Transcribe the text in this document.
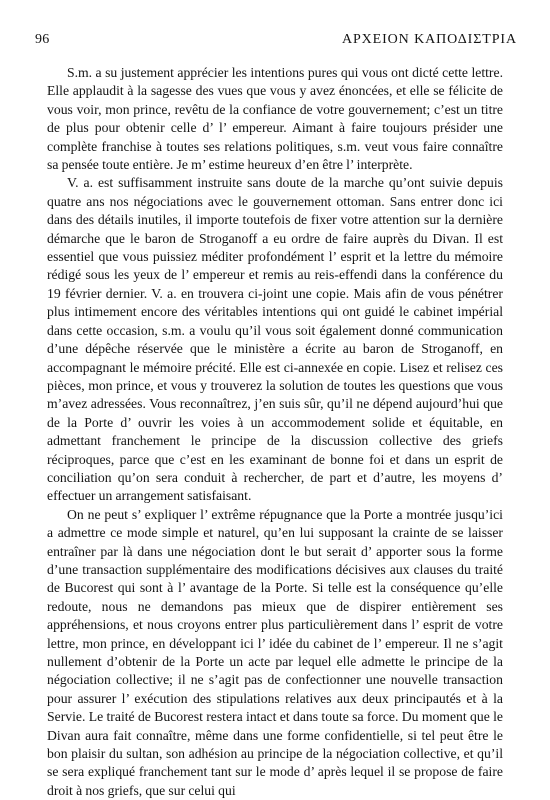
96	ΑΡΧΕΙΟΝ ΚΑΠΟΔΙΣΤΡΙΑ

S.m. a su justement apprécier les intentions pures qui vous ont dicté cette lettre. Elle applaudit à la sagesse des vues que vous y avez énoncées, et elle se félicite de vous voir, mon prince, revêtu de la confiance de votre gouvernement; c’est un titre de plus pour obtenir celle d’ l’ empereur. Aimant à faire toujours présider une complète franchise à toutes ses relations politiques, s.m. veut vous faire connaître sa pensée toute entière. Je m’ estime heureux d’en être l’ interprète.

V. a. est suffisamment instruite sans doute de la marche qu’ont suivie depuis quatre ans nos négociations avec le gouvernement ottoman. Sans entrer donc ici dans des détails inutiles, il importe toutefois de fixer votre attention sur la dernière démarche que le baron de Stroganoff a eu ordre de faire auprès du Divan. Il est essentiel que vous puissiez méditer profondément l’ esprit et la lettre du mémoire rédigé sous les yeux de l’ empereur et remis au reis-effendi dans la conférence du 19 février dernier. V. a. en trouvera ci-joint une copie. Mais afin de vous pénétrer plus intimement encore des véritables intentions qui ont guidé le cabinet impérial dans cette occasion, s.m. a voulu qu’il vous soit également donné communication d’une dépêche réservée que le ministère a écrite au baron de Stroganoff, en accompagnant le mémoire précité. Elle est ci-annexée en copie. Lisez et relisez ces pièces, mon prince, et vous y trouverez la solution de toutes les questions que vous m’avez adressées. Vous reconnaîtrez, j’en suis sûr, qu’il ne dépend aujourd’hui que de la Porte d’ ouvrir les voies à un accommodement solide et équitable, en admettant franchement le principe de la discussion collective des griefs réciproques, parce que c’est en les examinant de bonne foi et dans un esprit de conciliation qu’on sera conduit à rechercher, de part et d’autre, les moyens d’ effectuer un arrangement satisfaisant.

On ne peut s’ expliquer l’ extrême répugnance que la Porte a montrée jusqu’ici a admettre ce mode simple et naturel, qu’en lui supposant la crainte de se laisser entraîner par là dans une négociation dont le but serait d’ apporter sous la forme d’une transaction supplémentaire des modifications décisives aux clauses du traité de Bucorest qui sont à l’ avantage de la Porte. Si telle est la conséquence qu’elle redoute, nous ne demandons pas mieux que de dispirer entièrement ses appréhensions, et nous croyons entrer plus particulièrement dans l’ esprit de votre lettre, mon prince, en développant ici l’ idée du cabinet de l’ empereur. Il ne s’agit nullement d’obtenir de la Porte un acte par lequel elle admette le principe de la négociation collective; il ne s’agit pas de confectionner une nouvelle transaction pour assurer l’ exécution des stipulations relatives aux deux principautés et à la Servie. Le traité de Bucorest restera intact et dans toute sa force. Du moment que le Divan aura fait connaître, même dans une forme confidentielle, si tel peut être le bon plaisir du sultan, son adhésion au principe de la négociation collective, et qu’il se sera expliqué franchement tant sur le mode d’ après lequel il se propose de faire droit à nos griefs, que sur celui qui
